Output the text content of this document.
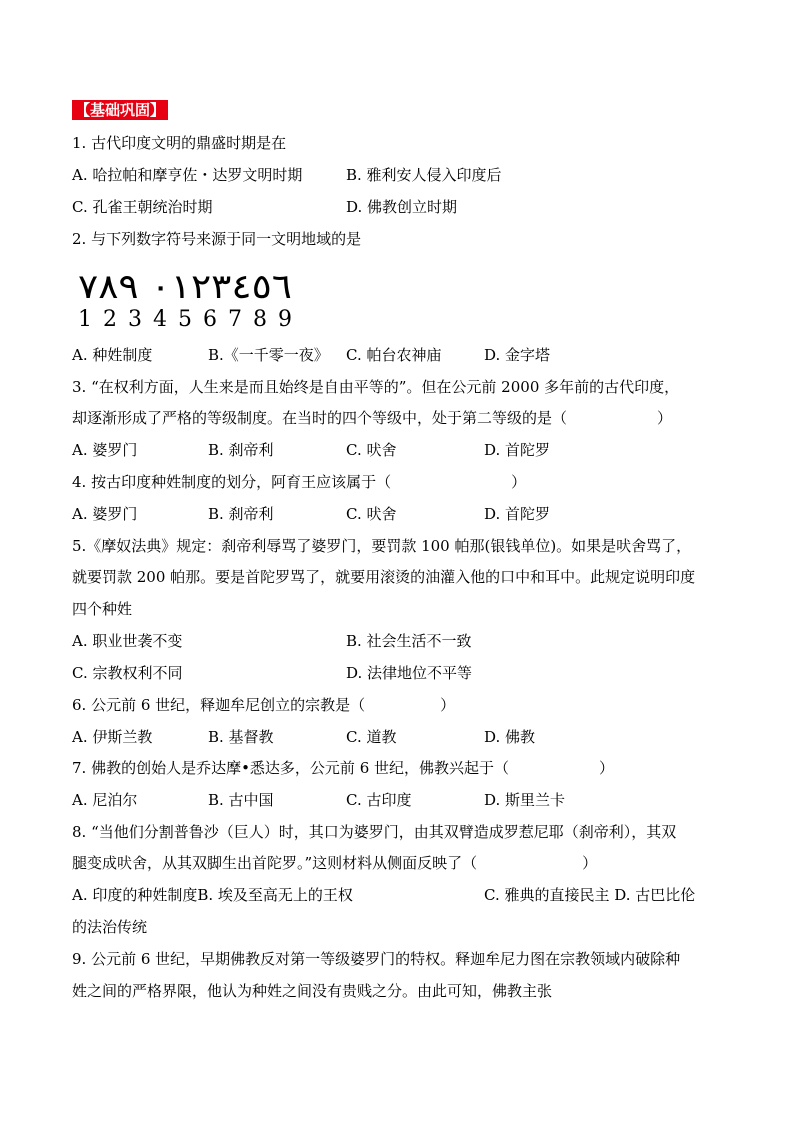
【基础巩固】
1. 古代印度文明的鼎盛时期是在
A. 哈拉帕和摩亨佐・达罗文明时期	B. 雅利安人侵入印度后
C. 孔雀王朝统治时期	D. 佛教创立时期
2. 与下列数字符号来源于同一文明地域的是
٠١٢٣٤٥٦ ٧٨٩
123456789
A. 种姓制度	B.《一千零一夜》 C. 帕台农神庙	D. 金字塔
3. “在权利方面，人生来是而且始终是自由平等的”。但在公元前 2000 多年前的古代印度，
却逐渐形成了严格的等级制度。在当时的四个等级中，处于第二等级的是（　　　　　　）
A. 婆罗门	B. 刹帝利	C. 吠舍	D. 首陀罗
4. 按古印度种姓制度的划分，阿育王应该属于（　　　　　　　　）
A. 婆罗门	B. 刹帝利	C. 吠舍	D. 首陀罗
5.《摩奴法典》规定：刹帝利辱骂了婆罗门，要罚款 100 帕那(银钱单位)。如果是吠舍骂了，
就要罚款 200 帕那。要是首陀罗骂了，就要用滚烫的油灌入他的口中和耳中。此规定说明印度
四个种姓
A. 职业世袭不变	B. 社会生活不一致
C. 宗教权利不同	D. 法律地位不平等
6. 公元前 6 世纪，释迦牟尼创立的宗教是（　　　　　）
A. 伊斯兰教	B. 基督教	C. 道教	D. 佛教
7. 佛教的创始人是乔达摩•悉达多，公元前 6 世纪，佛教兴起于（　　　　　　）
A. 尼泊尔	B. 古中国	C. 古印度	D. 斯里兰卡
8. “当他们分割普鲁沙（巨人）时，其口为婆罗门，由其双臂造成罗惹尼耶（刹帝利），其双
腿变成吠舍，从其双脚生出首陀罗。”这则材料从侧面反映了（　　　　　　　）
A. 印度的种姓制度B. 埃及至高无上的王权	C. 雅典的直接民主 D. 古巴比伦
的法治传统
9. 公元前 6 世纪，早期佛教反对第一等级婆罗门的特权。释迦牟尼力图在宗教领域内破除种
姓之间的严格界限，他认为种姓之间没有贵贱之分。由此可知，佛教主张
